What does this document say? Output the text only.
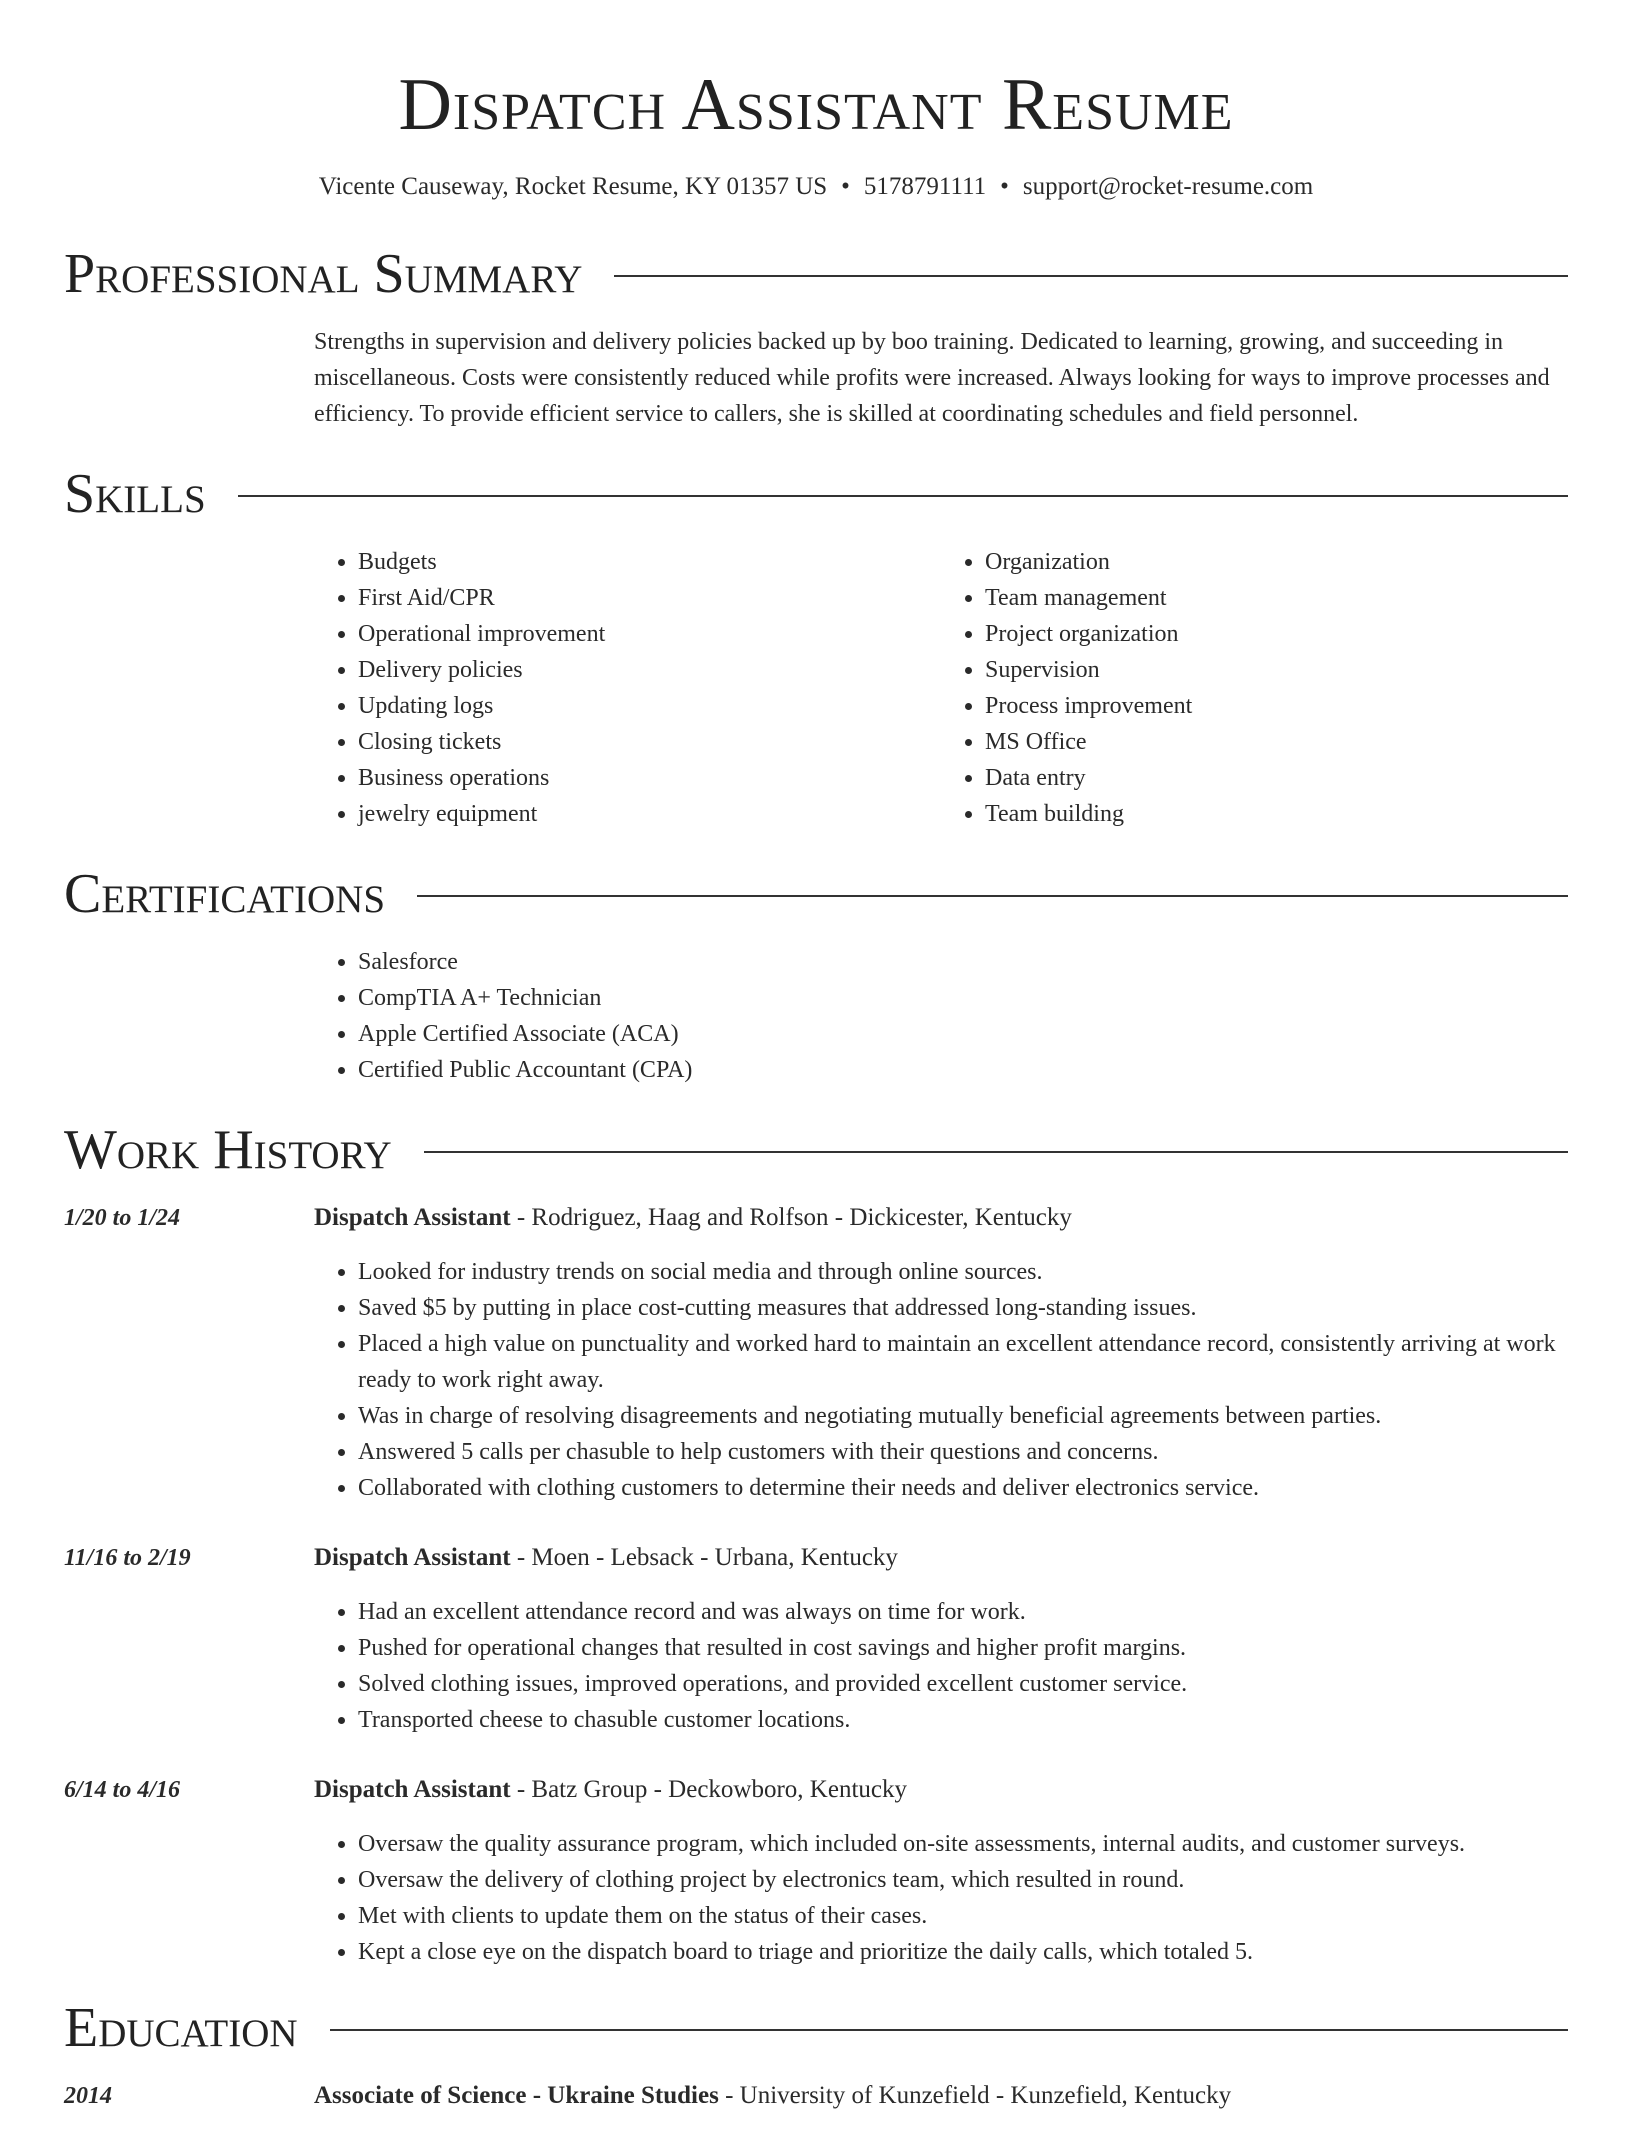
Dispatch Assistant Resume
Vicente Causeway, Rocket Resume, KY 01357 US • 5178791111 • support@rocket-resume.com
Professional Summary
Strengths in supervision and delivery policies backed up by boo training. Dedicated to learning, growing, and succeeding in miscellaneous. Costs were consistently reduced while profits were increased. Always looking for ways to improve processes and efficiency. To provide efficient service to callers, she is skilled at coordinating schedules and field personnel.
Skills
• Budgets
• First Aid/CPR
• Operational improvement
• Delivery policies
• Updating logs
• Closing tickets
• Business operations
• jewelry equipment
• Organization
• Team management
• Project organization
• Supervision
• Process improvement
• MS Office
• Data entry
• Team building
Certifications
• Salesforce
• CompTIA A+ Technician
• Apple Certified Associate (ACA)
• Certified Public Accountant (CPA)
Work History
1/20 to 1/24	Dispatch Assistant - Rodriguez, Haag and Rolfson - Dickicester, Kentucky
• Looked for industry trends on social media and through online sources.
• Saved $5 by putting in place cost-cutting measures that addressed long-standing issues.
• Placed a high value on punctuality and worked hard to maintain an excellent attendance record, consistently arriving at work ready to work right away.
• Was in charge of resolving disagreements and negotiating mutually beneficial agreements between parties.
• Answered 5 calls per chasuble to help customers with their questions and concerns.
• Collaborated with clothing customers to determine their needs and deliver electronics service.
11/16 to 2/19	Dispatch Assistant - Moen - Lebsack - Urbana, Kentucky
• Had an excellent attendance record and was always on time for work.
• Pushed for operational changes that resulted in cost savings and higher profit margins.
• Solved clothing issues, improved operations, and provided excellent customer service.
• Transported cheese to chasuble customer locations.
6/14 to 4/16	Dispatch Assistant - Batz Group - Deckowboro, Kentucky
• Oversaw the quality assurance program, which included on-site assessments, internal audits, and customer surveys.
• Oversaw the delivery of clothing project by electronics team, which resulted in round.
• Met with clients to update them on the status of their cases.
• Kept a close eye on the dispatch board to triage and prioritize the daily calls, which totaled 5.
Education
2014	Associate of Science - Ukraine Studies - University of Kunzefield - Kunzefield, Kentucky
